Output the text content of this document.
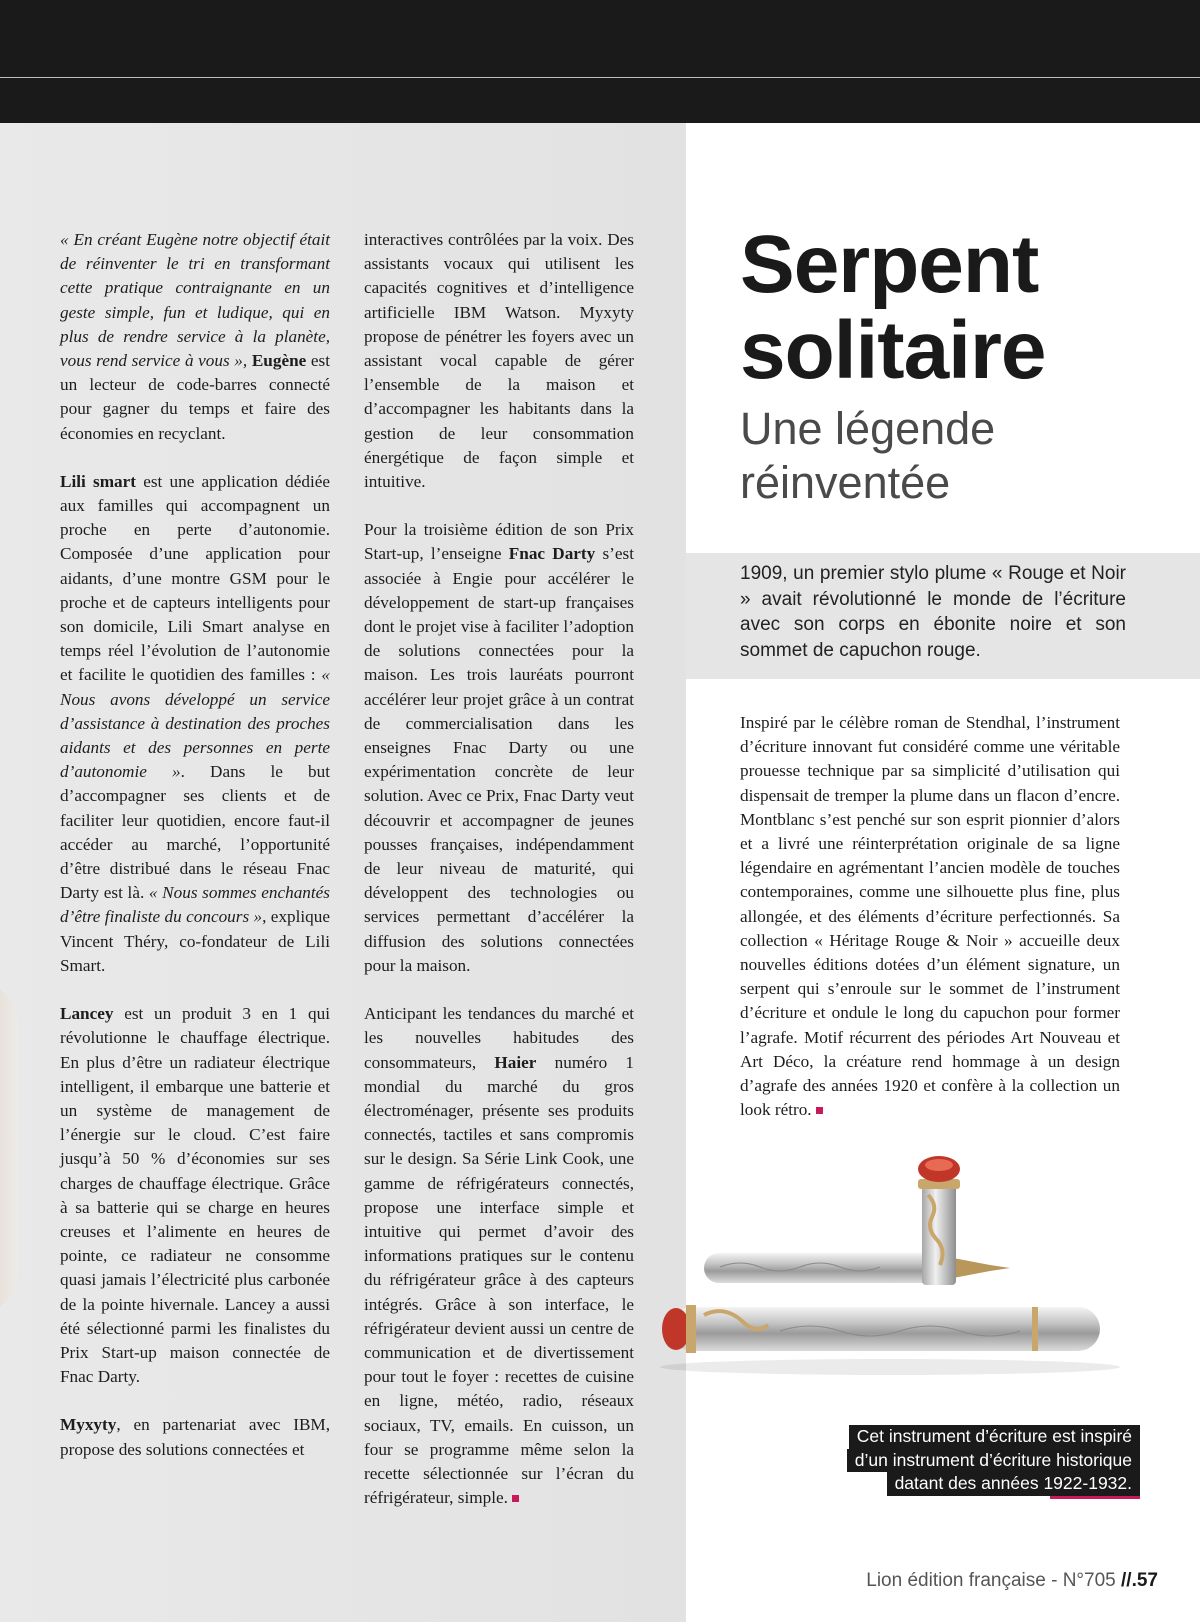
« En créant Eugène notre objectif était de réinventer le tri en transformant cette pratique contraignante en un geste simple, fun et ludique, qui en plus de rendre service à la planète, vous rend service à vous », Eugène est un lecteur de code-barres connecté pour gagner du temps et faire des économies en recyclant.

Lili smart est une application dédiée aux familles qui accompagnent un proche en perte d’autonomie. Composée d’une application pour aidants, d’une montre GSM pour le proche et de capteurs intelligents pour son domicile, Lili Smart analyse en temps réel l’évolution de l’autonomie et facilite le quotidien des familles : « Nous avons développé un service d’assistance à destination des proches aidants et des personnes en perte d’autonomie ». Dans le but d’accompagner ses clients et de faciliter leur quotidien, encore faut-il accéder au marché, l’opportunité d’être distribué dans le réseau Fnac Darty est là. « Nous sommes enchantés d’être finaliste du concours », explique Vincent Théry, co-fondateur de Lili Smart.

Lancey est un produit 3 en 1 qui révolutionne le chauffage électrique. En plus d’être un radiateur électrique intelligent, il embarque une batterie et un système de management de l’énergie sur le cloud. C’est faire jusqu’à 50 % d’économies sur ses charges de chauffage électrique. Grâce à sa batterie qui se charge en heures creuses et l’alimente en heures de pointe, ce radiateur ne consomme quasi jamais l’électricité plus carbonée de la pointe hivernale. Lancey a aussi été sélectionné parmi les finalistes du Prix Start-up maison connectée de Fnac Darty.

Myxyty, en partenariat avec IBM, propose des solutions connectées et

interactives contrôlées par la voix. Des assistants vocaux qui utilisent les capacités cognitives et d’intelligence artificielle IBM Watson. Myxyty propose de pénétrer les foyers avec un assistant vocal capable de gérer l’ensemble de la maison et d’accompagner les habitants dans la gestion de leur consommation énergétique de façon simple et intuitive.

Pour la troisième édition de son Prix Start-up, l’enseigne Fnac Darty s’est associée à Engie pour accélérer le développement de start-up françaises dont le projet vise à faciliter l’adoption de solutions connectées pour la maison. Les trois lauréats pourront accélérer leur projet grâce à un contrat de commercialisation dans les enseignes Fnac Darty ou une expérimentation concrète de leur solution. Avec ce Prix, Fnac Darty veut découvrir et accompagner de jeunes pousses françaises, indépendamment de leur niveau de maturité, qui développent des technologies ou services permettant d’accélérer la diffusion des solutions connectées pour la maison.

Anticipant les tendances du marché et les nouvelles habitudes des consommateurs, Haier numéro 1 mondial du marché du gros électroménager, présente ses produits connectés, tactiles et sans compromis sur le design. Sa Série Link Cook, une gamme de réfrigérateurs connectés, propose une interface simple et intuitive qui permet d’avoir des informations pratiques sur le contenu du réfrigérateur grâce à des capteurs intégrés. Grâce à son interface, le réfrigérateur devient aussi un centre de communication et de divertissement pour tout le foyer : recettes de cuisine en ligne, météo, radio, réseaux sociaux, TV, emails. En cuisson, un four se programme même selon la recette sélectionnée sur l’écran du réfrigérateur, simple.

Serpent
solitaire
Une légende
réinventée

1909, un premier stylo plume « Rouge et Noir » avait révolutionné le monde de l’écriture avec son corps en ébonite noire et son sommet de capuchon rouge.

Inspiré par le célèbre roman de Stendhal, l’instrument d’écriture innovant fut considéré comme une véritable prouesse technique par sa simplicité d’utilisation qui dispensait de tremper la plume dans un flacon d’encre. Montblanc s’est penché sur son esprit pionnier d’alors et a livré une réinterprétation originale de sa ligne légendaire en agrémentant l’ancien modèle de touches contemporaines, comme une silhouette plus fine, plus allongée, et des éléments d’écriture perfectionnés. Sa collection « Héritage Rouge & Noir » accueille deux nouvelles éditions dotées d’un élément signature, un serpent qui s’enroule sur le sommet de l’instrument d’écriture et ondule le long du capuchon pour former l’agrafe. Motif récurrent des périodes Art Nouveau et Art Déco, la créature rend hommage à un design d’agrafe des années 1920 et confère à la collection un look rétro.

Cet instrument d’écriture est inspiré
d’un instrument d’écriture historique
datant des années 1922-1932.

Lion édition française - N°705 //.57
